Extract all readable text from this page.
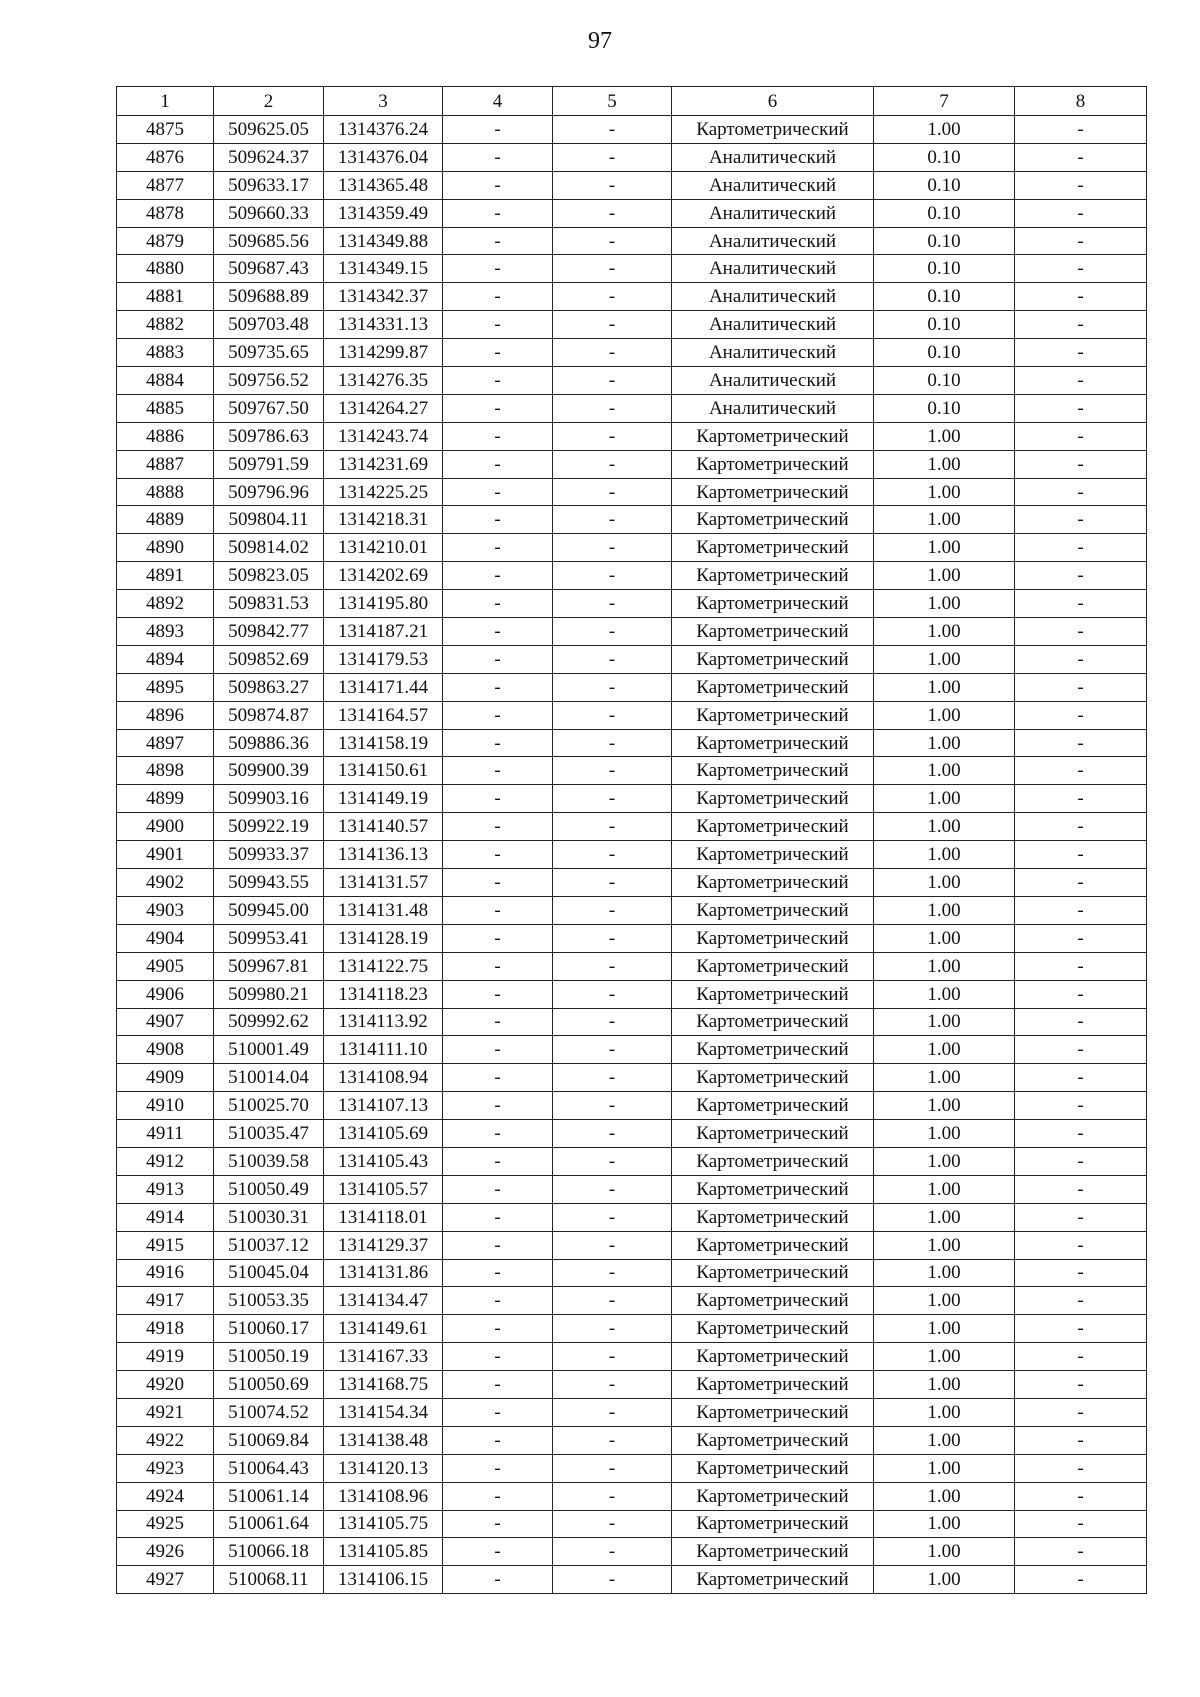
97
1	2	3	4	5	6	7	8
4875	509625.05	1314376.24	-	-	Картометрический	1.00	-
4876	509624.37	1314376.04	-	-	Аналитический	0.10	-
4877	509633.17	1314365.48	-	-	Аналитический	0.10	-
4878	509660.33	1314359.49	-	-	Аналитический	0.10	-
4879	509685.56	1314349.88	-	-	Аналитический	0.10	-
4880	509687.43	1314349.15	-	-	Аналитический	0.10	-
4881	509688.89	1314342.37	-	-	Аналитический	0.10	-
4882	509703.48	1314331.13	-	-	Аналитический	0.10	-
4883	509735.65	1314299.87	-	-	Аналитический	0.10	-
4884	509756.52	1314276.35	-	-	Аналитический	0.10	-
4885	509767.50	1314264.27	-	-	Аналитический	0.10	-
4886	509786.63	1314243.74	-	-	Картометрический	1.00	-
4887	509791.59	1314231.69	-	-	Картометрический	1.00	-
4888	509796.96	1314225.25	-	-	Картометрический	1.00	-
4889	509804.11	1314218.31	-	-	Картометрический	1.00	-
4890	509814.02	1314210.01	-	-	Картометрический	1.00	-
4891	509823.05	1314202.69	-	-	Картометрический	1.00	-
4892	509831.53	1314195.80	-	-	Картометрический	1.00	-
4893	509842.77	1314187.21	-	-	Картометрический	1.00	-
4894	509852.69	1314179.53	-	-	Картометрический	1.00	-
4895	509863.27	1314171.44	-	-	Картометрический	1.00	-
4896	509874.87	1314164.57	-	-	Картометрический	1.00	-
4897	509886.36	1314158.19	-	-	Картометрический	1.00	-
4898	509900.39	1314150.61	-	-	Картометрический	1.00	-
4899	509903.16	1314149.19	-	-	Картометрический	1.00	-
4900	509922.19	1314140.57	-	-	Картометрический	1.00	-
4901	509933.37	1314136.13	-	-	Картометрический	1.00	-
4902	509943.55	1314131.57	-	-	Картометрический	1.00	-
4903	509945.00	1314131.48	-	-	Картометрический	1.00	-
4904	509953.41	1314128.19	-	-	Картометрический	1.00	-
4905	509967.81	1314122.75	-	-	Картометрический	1.00	-
4906	509980.21	1314118.23	-	-	Картометрический	1.00	-
4907	509992.62	1314113.92	-	-	Картометрический	1.00	-
4908	510001.49	1314111.10	-	-	Картометрический	1.00	-
4909	510014.04	1314108.94	-	-	Картометрический	1.00	-
4910	510025.70	1314107.13	-	-	Картометрический	1.00	-
4911	510035.47	1314105.69	-	-	Картометрический	1.00	-
4912	510039.58	1314105.43	-	-	Картометрический	1.00	-
4913	510050.49	1314105.57	-	-	Картометрический	1.00	-
4914	510030.31	1314118.01	-	-	Картометрический	1.00	-
4915	510037.12	1314129.37	-	-	Картометрический	1.00	-
4916	510045.04	1314131.86	-	-	Картометрический	1.00	-
4917	510053.35	1314134.47	-	-	Картометрический	1.00	-
4918	510060.17	1314149.61	-	-	Картометрический	1.00	-
4919	510050.19	1314167.33	-	-	Картометрический	1.00	-
4920	510050.69	1314168.75	-	-	Картометрический	1.00	-
4921	510074.52	1314154.34	-	-	Картометрический	1.00	-
4922	510069.84	1314138.48	-	-	Картометрический	1.00	-
4923	510064.43	1314120.13	-	-	Картометрический	1.00	-
4924	510061.14	1314108.96	-	-	Картометрический	1.00	-
4925	510061.64	1314105.75	-	-	Картометрический	1.00	-
4926	510066.18	1314105.85	-	-	Картометрический	1.00	-
4927	510068.11	1314106.15	-	-	Картометрический	1.00	-
